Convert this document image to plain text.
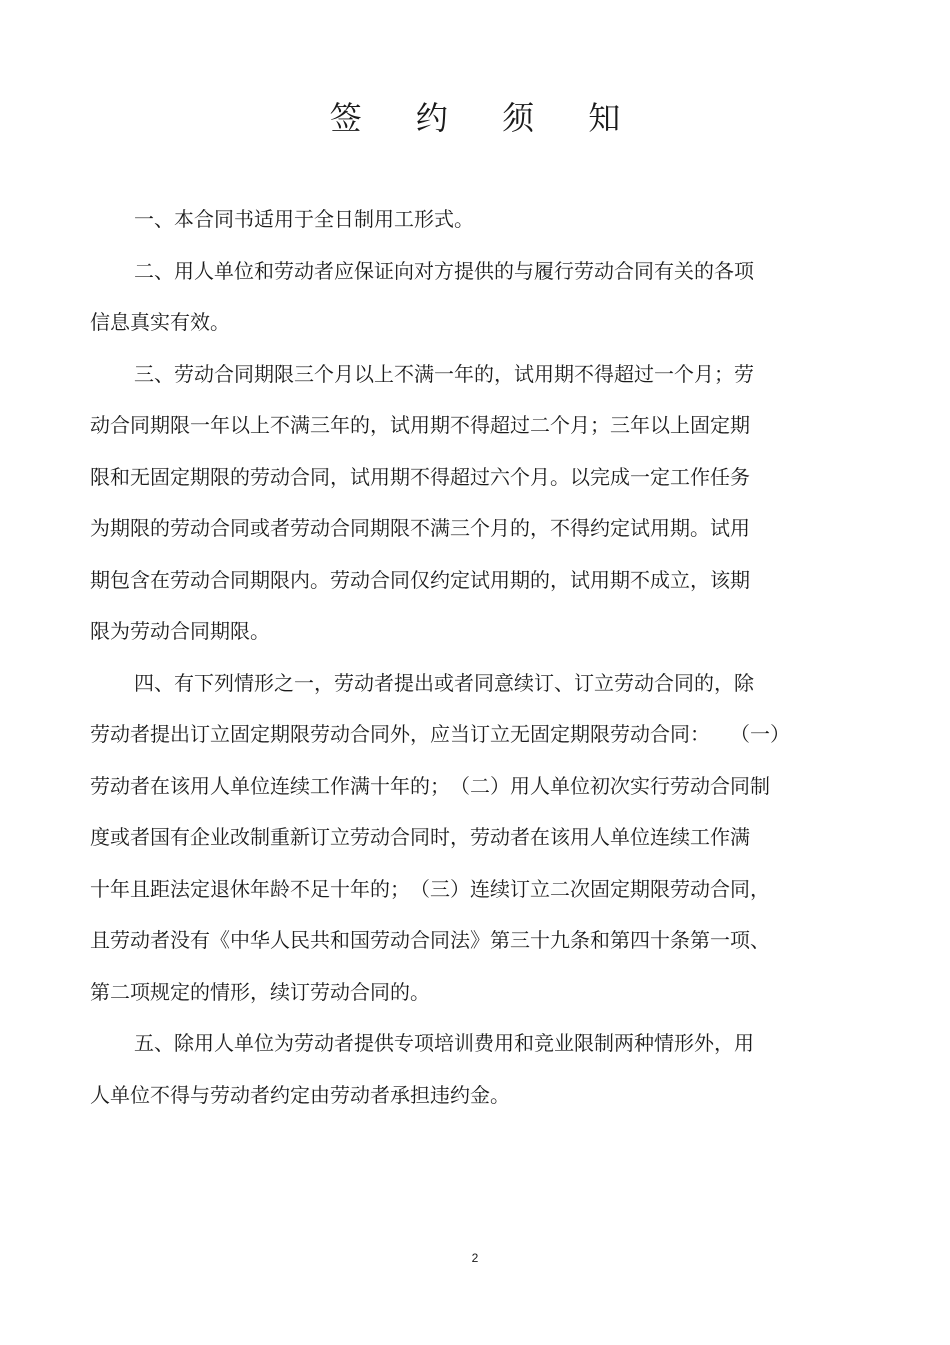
签 约 须 知

一、本合同书适用于全日制用工形式。

二、用人单位和劳动者应保证向对方提供的与履行劳动合同有关的各项
信息真实有效。

三、劳动合同期限三个月以上不满一年的，试用期不得超过一个月；劳
动合同期限一年以上不满三年的，试用期不得超过二个月；三年以上固定期
限和无固定期限的劳动合同，试用期不得超过六个月。以完成一定工作任务
为期限的劳动合同或者劳动合同期限不满三个月的，不得约定试用期。试用
期包含在劳动合同期限内。劳动合同仅约定试用期的，试用期不成立，该期
限为劳动合同期限。

四、有下列情形之一，劳动者提出或者同意续订、订立劳动合同的，除
劳动者提出订立固定期限劳动合同外，应当订立无固定期限劳动合同：　　（一）
劳动者在该用人单位连续工作满十年的；　（二）用人单位初次实行劳动合同制
度或者国有企业改制重新订立劳动合同时，劳动者在该用人单位连续工作满
十年且距法定退休年龄不足十年的；　（三）连续订立二次固定期限劳动合同，
且劳动者没有《中华人民共和国劳动合同法》第三十九条和第四十条第一项、
第二项规定的情形，续订劳动合同的。

五、除用人单位为劳动者提供专项培训费用和竞业限制两种情形外，用
人单位不得与劳动者约定由劳动者承担违约金。

2
